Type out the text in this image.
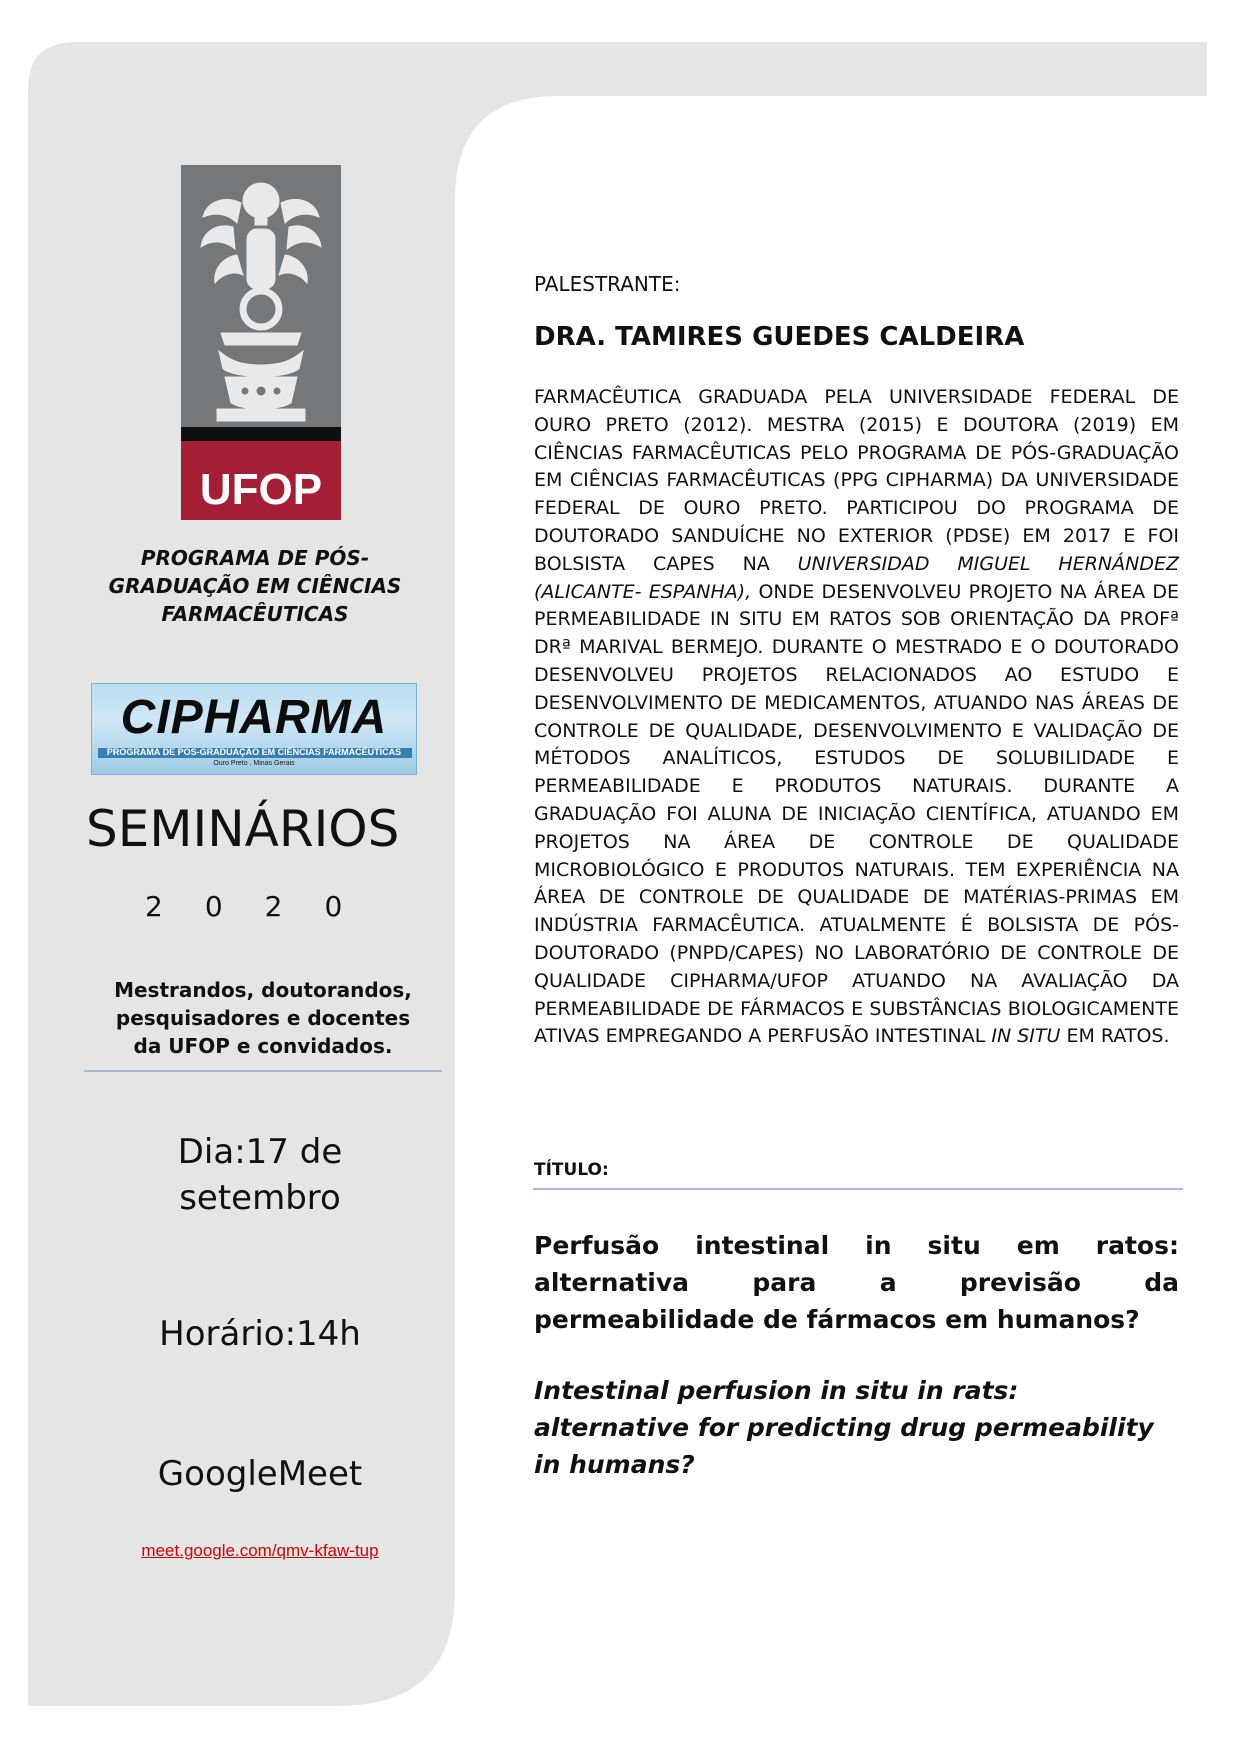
UFOP
PROGRAMA DE PÓS-
GRADUAÇÃO EM CIÊNCIAS
FARMACÊUTICAS
CIPHARMA
PROGRAMA DE PÓS-GRADUAÇÃO EM CIÊNCIAS FARMACÊUTICAS
Ouro Preto . Minas Gerais
SEMINÁRIOS
2020
Mestrandos, doutorandos,
pesquisadores e docentes
da UFOP e convidados.
Dia:17 de
setembro
Horário:14h
GoogleMeet
meet.google.com/qmv-kfaw-tup
PALESTRANTE:
DRA. TAMIRES GUEDES CALDEIRA
FARMACÊUTICA GRADUADA PELA UNIVERSIDADE FEDERAL DE OURO PRETO (2012). MESTRA (2015) E DOUTORA (2019) EM CIÊNCIAS FARMACÊUTICAS PELO PROGRAMA DE PÓS-GRADUAÇÃO EM CIÊNCIAS FARMACÊUTICAS (PPG CIPHARMA) DA UNIVERSIDADE FEDERAL DE OURO PRETO. PARTICIPOU DO PROGRAMA DE DOUTORADO SANDUÍCHE NO EXTERIOR (PDSE) EM 2017 E FOI BOLSISTA CAPES NA UNIVERSIDAD MIGUEL HERNÁNDEZ (ALICANTE- ESPANHA), ONDE DESENVOLVEU PROJETO NA ÁREA DE PERMEABILIDADE IN SITU EM RATOS SOB ORIENTAÇÃO DA PROFª DRª MARIVAL BERMEJO. DURANTE O MESTRADO E O DOUTORADO DESENVOLVEU PROJETOS RELACIONADOS AO ESTUDO E DESENVOLVIMENTO DE MEDICAMENTOS, ATUANDO NAS ÁREAS DE CONTROLE DE QUALIDADE, DESENVOLVIMENTO E VALIDAÇÃO DE MÉTODOS ANALÍTICOS, ESTUDOS DE SOLUBILIDADE E PERMEABILIDADE E PRODUTOS NATURAIS. DURANTE A GRADUAÇÃO FOI ALUNA DE INICIAÇÃO CIENTÍFICA, ATUANDO EM PROJETOS NA ÁREA DE CONTROLE DE QUALIDADE MICROBIOLÓGICO E PRODUTOS NATURAIS. TEM EXPERIÊNCIA NA ÁREA DE CONTROLE DE QUALIDADE DE MATÉRIAS-PRIMAS EM INDÚSTRIA FARMACÊUTICA. ATUALMENTE É BOLSISTA DE PÓS-DOUTORADO (PNPD/CAPES) NO LABORATÓRIO DE CONTROLE DE QUALIDADE CIPHARMA/UFOP ATUANDO NA AVALIAÇÃO DA PERMEABILIDADE DE FÁRMACOS E SUBSTÂNCIAS BIOLOGICAMENTE ATIVAS EMPREGANDO A PERFUSÃO INTESTINAL IN SITU EM RATOS.
TÍTULO:
Perfusão intestinal in situ em ratos: alternativa para a previsão da permeabilidade de fármacos em humanos?
Intestinal perfusion in situ in rats: alternative for predicting drug permeability in humans?
